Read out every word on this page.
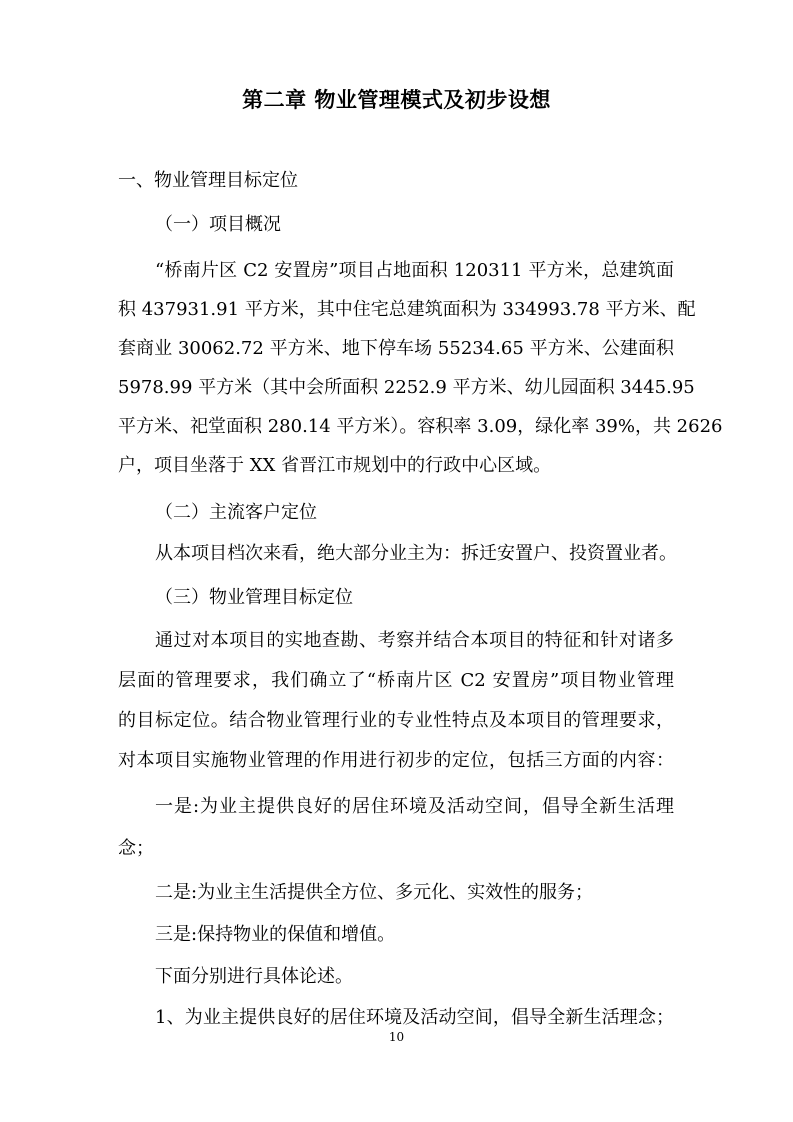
第二章 物业管理模式及初步设想

一、物业管理目标定位

（一）项目概况

“桥南片区 C2 安置房”项目占地面积 120311 平方米，总建筑面

积 437931.91 平方米，其中住宅总建筑面积为 334993.78 平方米、配

套商业 30062.72 平方米、地下停车场 55234.65 平方米、公建面积

5978.99 平方米（其中会所面积 2252.9 平方米、幼儿园面积 3445.95

平方米、祀堂面积 280.14 平方米）。容积率 3.09，绿化率 39%，共 2626

户，项目坐落于 XX 省晋江市规划中的行政中心区域。

（二）主流客户定位

从本项目档次来看，绝大部分业主为：拆迁安置户、投资置业者。

（三）物业管理目标定位

通过对本项目的实地查勘、考察并结合本项目的特征和针对诸多

层面的管理要求，我们确立了“桥南片区 C2 安置房”项目物业管理

的目标定位。结合物业管理行业的专业性特点及本项目的管理要求，

对本项目实施物业管理的作用进行初步的定位，包括三方面的内容：

一是:为业主提供良好的居住环境及活动空间，倡导全新生活理

念；

二是:为业主生活提供全方位、多元化、实效性的服务；

三是:保持物业的保值和增值。

下面分别进行具体论述。

1、为业主提供良好的居住环境及活动空间，倡导全新生活理念；

10
